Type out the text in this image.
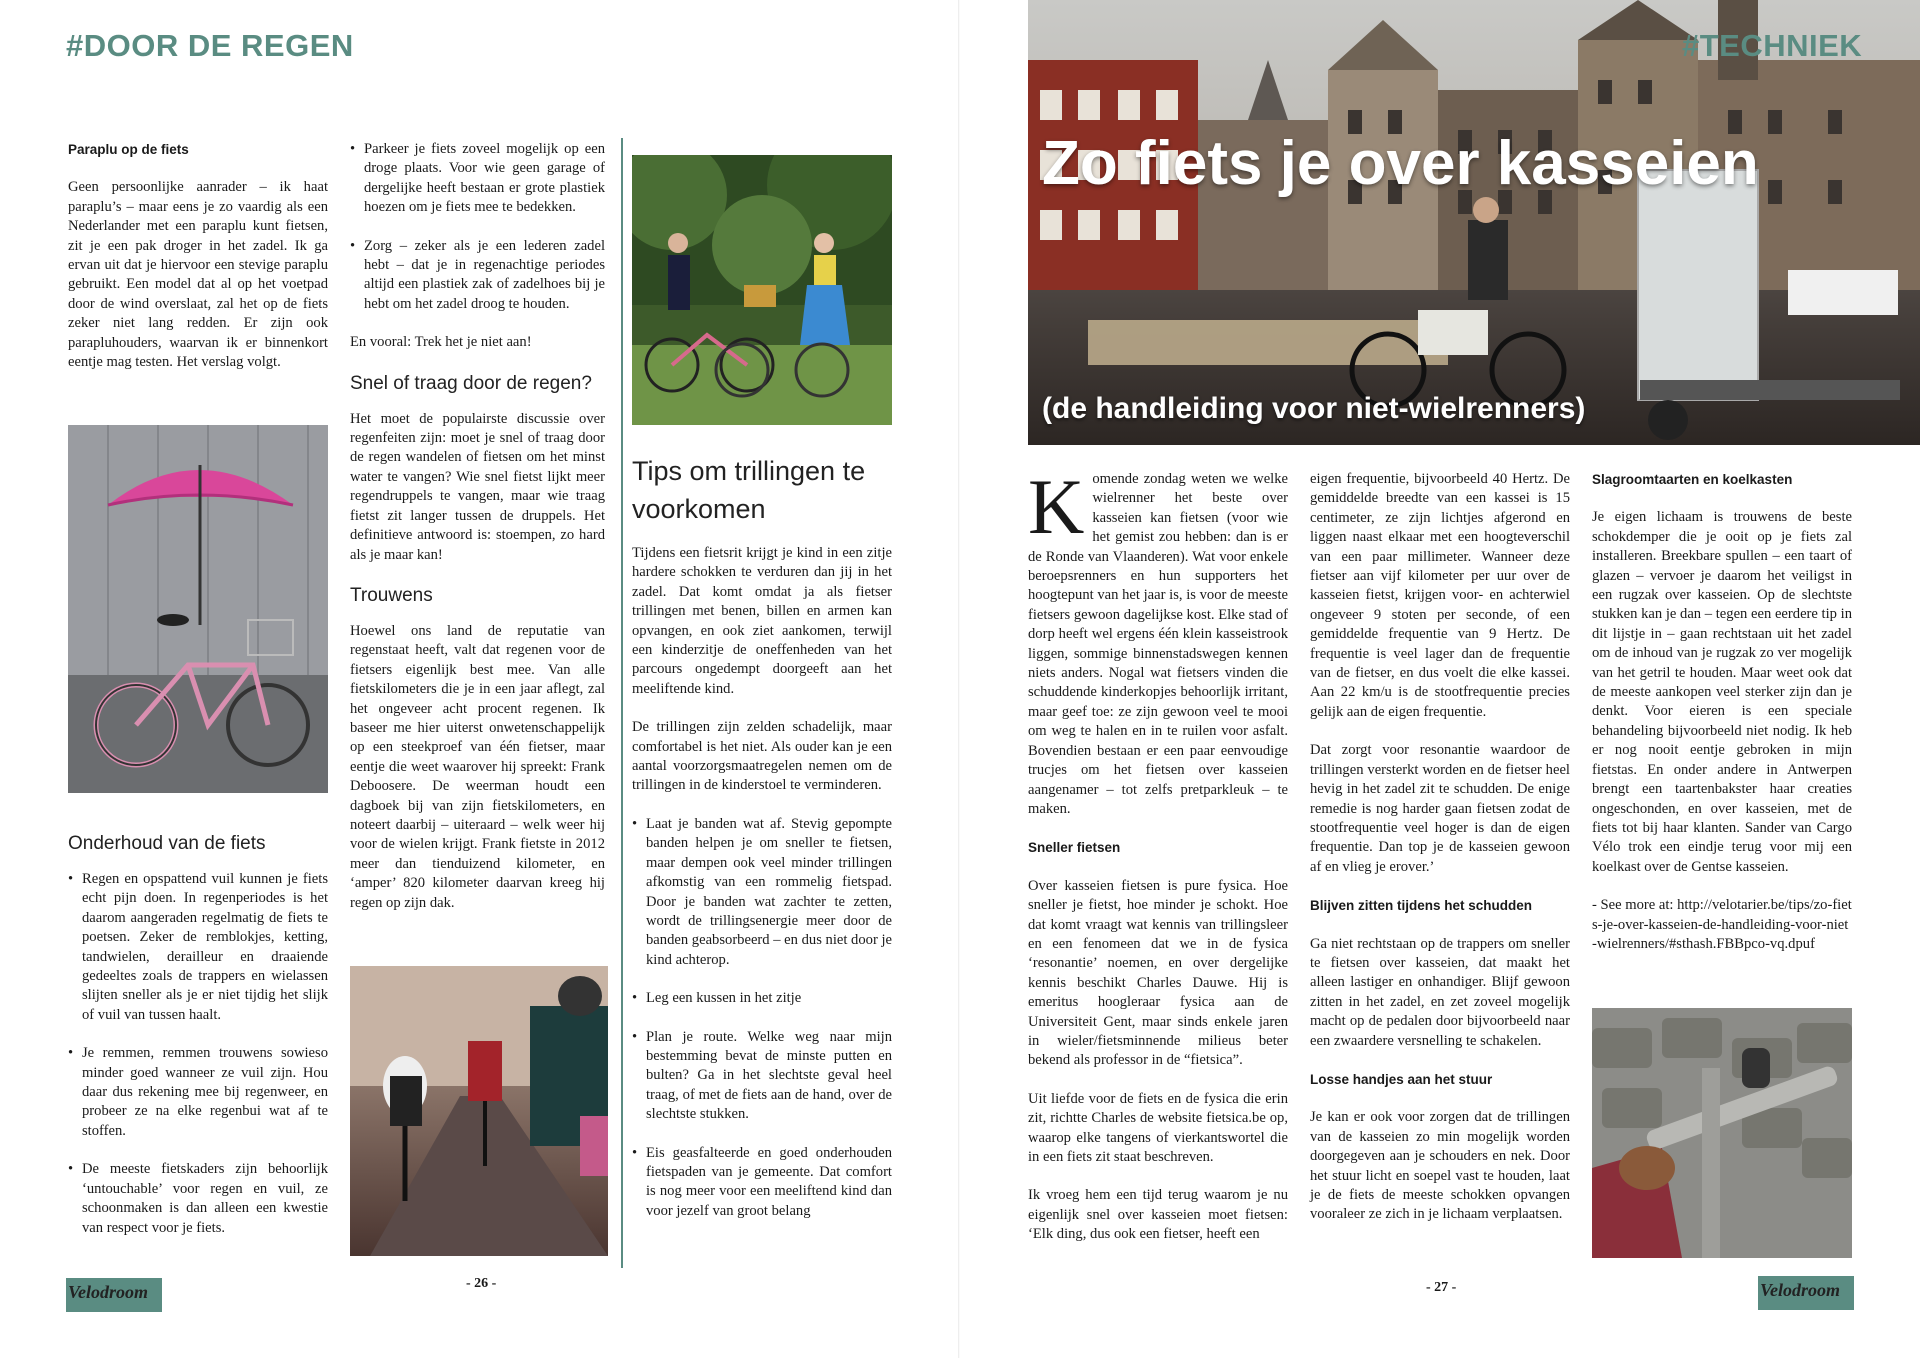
#DOOR DE REGEN
Paraplu op de fiets

Geen persoonlijke aanrader – ik haat paraplu’s – maar eens je zo vaardig als een Nederlander met een paraplu kunt fietsen, zit je een pak droger in het zadel. Ik ga ervan uit dat je hiervoor een stevige paraplu gebruikt. Een model dat al op het voetpad door de wind overslaat, zal het op de fiets zeker niet lang redden. Er zijn ook parapluhouders, waarvan ik er binnenkort eentje mag testen. Het verslag volgt.

Onderhoud van de fiets
• Regen en opspattend vuil kunnen je fiets echt pijn doen. In regenperiodes is het daarom aangeraden regelmatig de fiets te poetsen. Zeker de remblokjes, ketting, tandwielen, derailleur en draaiende gedeeltes zoals de trappers en wielassen slijten sneller als je er niet tijdig het slijk of vuil van tussen haalt.
• Je remmen, remmen trouwens sowieso minder goed wanneer ze vuil zijn. Hou daar dus rekening mee bij regenweer, en probeer ze na elke regenbui wat af te stoffen.
• De meeste fietskaders zijn behoorlijk ‘untouchable’ voor regen en vuil, ze schoonmaken is dan alleen een kwestie van respect voor je fiets.
• Parkeer je fiets zoveel mogelijk op een droge plaats. Voor wie geen garage of dergelijke heeft bestaan er grote plastiek hoezen om je fiets mee te bedekken.
• Zorg – zeker als je een lederen zadel hebt – dat je in regenachtige periodes altijd een plastiek zak of zadelhoes bij je hebt om het zadel droog te houden.

En vooral: Trek het je niet aan!

Snel of traag door de regen?

Het moet de populairste discussie over regenfeiten zijn: moet je snel of traag door de regen wandelen of fietsen om het minst water te vangen? Wie snel fietst lijkt meer regendruppels te vangen, maar wie traag fietst zit langer tussen de druppels. Het definitieve antwoord is: stoempen, zo hard als je maar kan!

Trouwens

Hoewel ons land de reputatie van regenstaat heeft, valt dat regenen voor de fietsers eigenlijk best mee. Van alle fietskilometers die je in een jaar aflegt, zal het ongeveer acht procent regenen. Ik baseer me hier uiterst onwetenschappelijk op een steekproef van één fietser, maar eentje die weet waarover hij spreekt: Frank Deboosere. De weerman houdt een dagboek bij van zijn fietskilometers, en noteert daarbij – uiteraard – welk weer hij voor de wielen krijgt. Frank fietste in 2012 meer dan tienduizend kilometer, en ‘amper’ 820 kilometer daarvan kreeg hij regen op zijn dak.

Tips om trillingen te voorkomen

Tijdens een fietsrit krijgt je kind in een zitje hardere schokken te verduren dan jij in het zadel. Dat komt omdat ja als fietser trillingen met benen, billen en armen kan opvangen, en ook ziet aankomen, terwijl een kinderzitje de oneffenheden van het parcours ongedempt doorgeeft aan het meeliftende kind.

De trillingen zijn zelden schadelijk, maar comfortabel is het niet. Als ouder kan je een aantal voorzorgsmaatregelen nemen om de trillingen in de kinderstoel te verminderen.

• Laat je banden wat af. Stevig gepompte banden helpen je om sneller te fietsen, maar dempen ook veel minder trillingen afkomstig van een rommelig fietspad. Door je banden wat zachter te zetten, wordt de trillingsenergie meer door de banden geabsorbeerd – en dus niet door je kind achterop.
• Leg een kussen in het zitje
• Plan je route. Welke weg naar mijn bestemming bevat de minste putten en bulten? Ga in het slechtste geval heel traag, of met de fiets aan de hand, over de slechtste stukken.
• Eis geasfalteerde en goed onderhouden fietspaden van je gemeente. Dat comfort is nog meer voor een meeliftend kind dan voor jezelf van groot belang
Velodroom	- 26 -
Zo fiets je over kasseien
(de handleiding voor niet-wielrenners)
#TECHNIEK

K omende zondag weten we welke wielrenner het beste over kasseien kan fietsen (voor wie het gemist zou hebben: dan is er de Ronde van Vlaanderen). Wat voor enkele beroepsrenners en hun supporters het hoogtepunt van het jaar is, is voor de meeste fietsers gewoon dagelijkse kost. Elke stad of dorp heeft wel ergens één klein kasseistrook liggen, sommige binnenstadswegen kennen niets anders. Nogal wat fietsers vinden die schuddende kinderkopjes behoorlijk irritant, maar geef toe: ze zijn gewoon veel te mooi om weg te halen en in te ruilen voor asfalt. Bovendien bestaan er een paar eenvoudige trucjes om het fietsen over kasseien aangenamer – tot zelfs pretparkleuk – te maken.

Sneller fietsen

Over kasseien fietsen is pure fysica. Hoe sneller je fietst, hoe minder je schokt. Hoe dat komt vraagt wat kennis van trillingsleer en een fenomeen dat we in de fysica ‘resonantie’ noemen, en over dergelijke kennis beschikt Charles Dauwe. Hij is emeritus hoogleraar fysica aan de Universiteit Gent, maar sinds enkele jaren in wieler/fietsminnende milieus beter bekend als professor in de “fietsica”.

Uit liefde voor de fiets en de fysica die erin zit, richtte Charles de website fietsica.be op, waarop elke tangens of vierkantswortel die in een fiets zit staat beschreven.

Ik vroeg hem een tijd terug waarom je nu eigenlijk snel over kasseien moet fietsen: ‘Elk ding, dus ook een fietser, heeft een

eigen frequentie, bijvoorbeeld 40 Hertz. De gemiddelde breedte van een kassei is 15 centimeter, ze zijn lichtjes afgerond en liggen naast elkaar met een hoogteverschil van een paar millimeter. Wanneer deze fietser aan vijf kilometer per uur over de kasseien fietst, krijgen voor- en achterwiel ongeveer 9 stoten per seconde, of een gemiddelde frequentie van 9 Hertz. De frequentie is veel lager dan de frequentie van de fietser, en dus voelt die elke kassei. Aan 22 km/u is de stootfrequentie precies gelijk aan de eigen frequentie.

Dat zorgt voor resonantie waardoor de trillingen versterkt worden en de fietser heel hevig in het zadel zit te schudden. De enige remedie is nog harder gaan fietsen zodat de stootfrequentie veel hoger is dan de eigen frequentie. Dan top je de kasseien gewoon af en vlieg je erover.’

Blijven zitten tijdens het schudden

Ga niet rechtstaan op de trappers om sneller te fietsen over kasseien, dat maakt het alleen lastiger en onhandiger. Blijf gewoon zitten in het zadel, en zet zoveel mogelijk macht op de pedalen door bijvoorbeeld naar een zwaardere versnelling te schakelen.

Losse handjes aan het stuur

Je kan er ook voor zorgen dat de trillingen van de kasseien zo min mogelijk worden doorgegeven aan je schouders en nek. Door het stuur licht en soepel vast te houden, laat je de fiets de meeste schokken opvangen vooraleer ze zich in je lichaam verplaatsen.

Slagroomtaarten en koelkasten

Je eigen lichaam is trouwens de beste schokdemper die je ooit op je fiets zal installeren. Breekbare spullen – een taart of glazen – vervoer je daarom het veiligst in een rugzak over kasseien. Op de slechtste stukken kan je dan – tegen een eerdere tip in dit lijstje in – gaan rechtstaan uit het zadel om de inhoud van je rugzak zo ver mogelijk van het getril te houden. Maar weet ook dat de meeste aankopen veel sterker zijn dan je denkt. Voor eieren is een speciale behandeling bijvoorbeeld niet nodig. Ik heb er nog nooit eentje gebroken in mijn fietstas. En onder andere in Antwerpen brengt een taartenbakster haar creaties ongeschonden, en over kasseien, met de fiets tot bij haar klanten. Sander van Cargo Vélo trok een eindje terug voor mij een koelkast over de Gentse kasseien.

- See more at: http://velotarier.be/tips/zo-fiets-je-over-kasseien-de-handleiding-voor-niet-wielrenners/#sthash.FBBpco-vq.dpuf

- 27 -	Velodroom
